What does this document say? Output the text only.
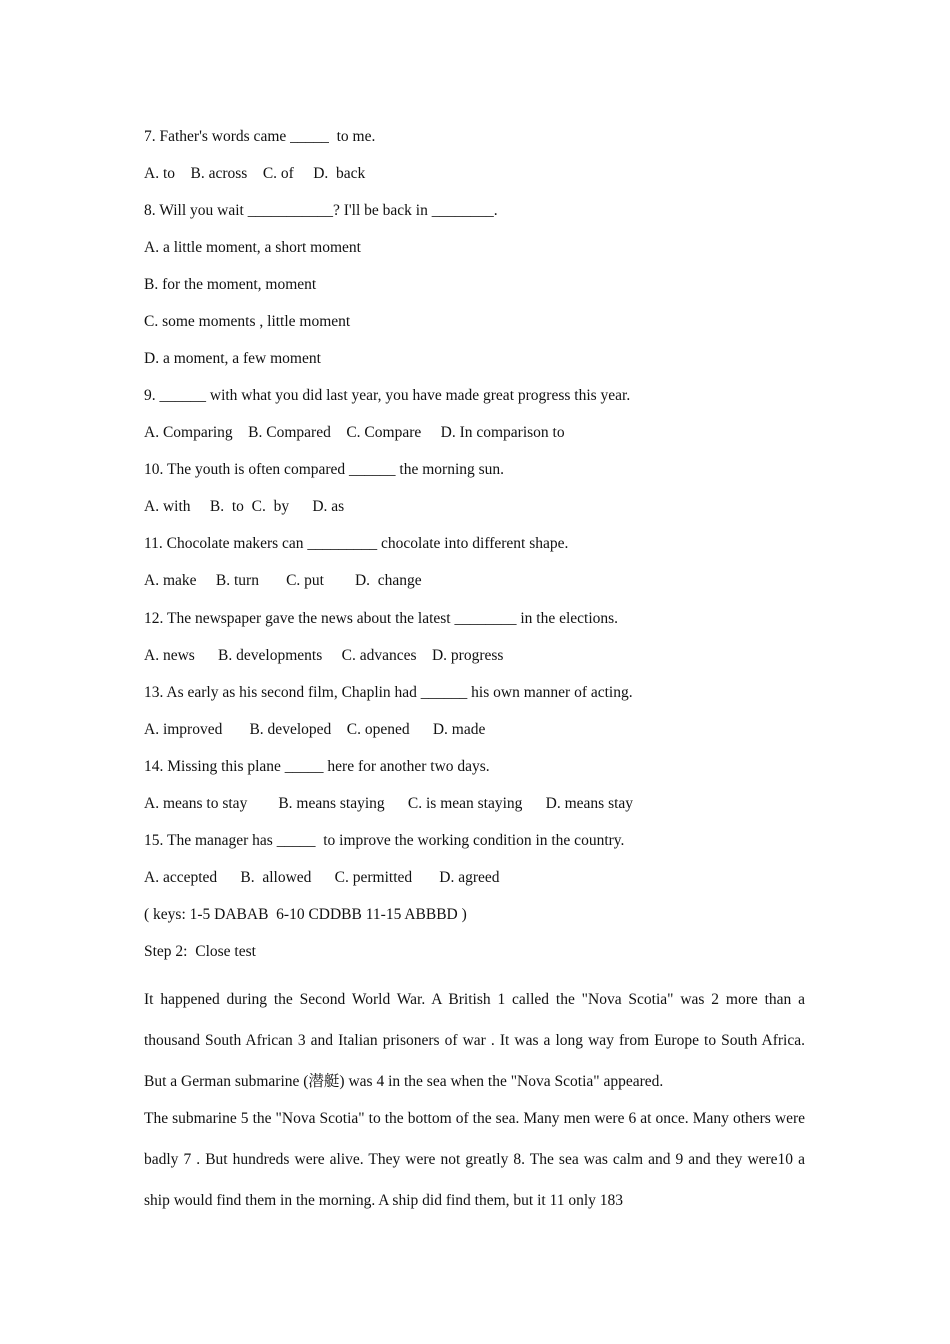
7. Father's words came _____  to me.
A. to    B. across    C. of     D.  back
8. Will you wait ___________? I'll be back in ________.
A. a little moment, a short moment
B. for the moment, moment
C. some moments , little moment
D. a moment, a few moment
9. ______ with what you did last year, you have made great progress this year.
A. Comparing    B. Compared    C. Compare     D. In comparison to
10. The youth is often compared ______ the morning sun.
A. with     B.  to  C.  by      D. as
11. Chocolate makers can _________ chocolate into different shape.
A. make     B. turn       C. put        D.  change
12. The newspaper gave the news about the latest ________ in the elections.
A. news      B. developments     C. advances    D. progress
13. As early as his second film, Chaplin had ______ his own manner of acting.
A. improved       B. developed    C. opened      D. made
14. Missing this plane _____ here for another two days.
A. means to stay        B. means staying      C. is mean staying      D. means stay
15. The manager has _____  to improve the working condition in the country.
A. accepted      B.  allowed      C. permitted       D. agreed
( keys: 1-5 DABAB  6-10 CDDBB 11-15 ABBBD )
Step 2:  Close test
It happened during the Second World War. A British 1 called the "Nova Scotia" was 2 more than a thousand South African 3 and Italian prisoners of war . It was a long way from Europe to South Africa. But a German submarine (潜艇) was 4 in the sea when the "Nova Scotia" appeared.
The submarine 5 the "Nova Scotia" to the bottom of the sea. Many men were 6 at once. Many others were badly 7 . But hundreds were alive. They were not greatly 8. The sea was calm and 9 and they were10 a ship would find them in the morning. A ship did find them, but it 11 only 183
